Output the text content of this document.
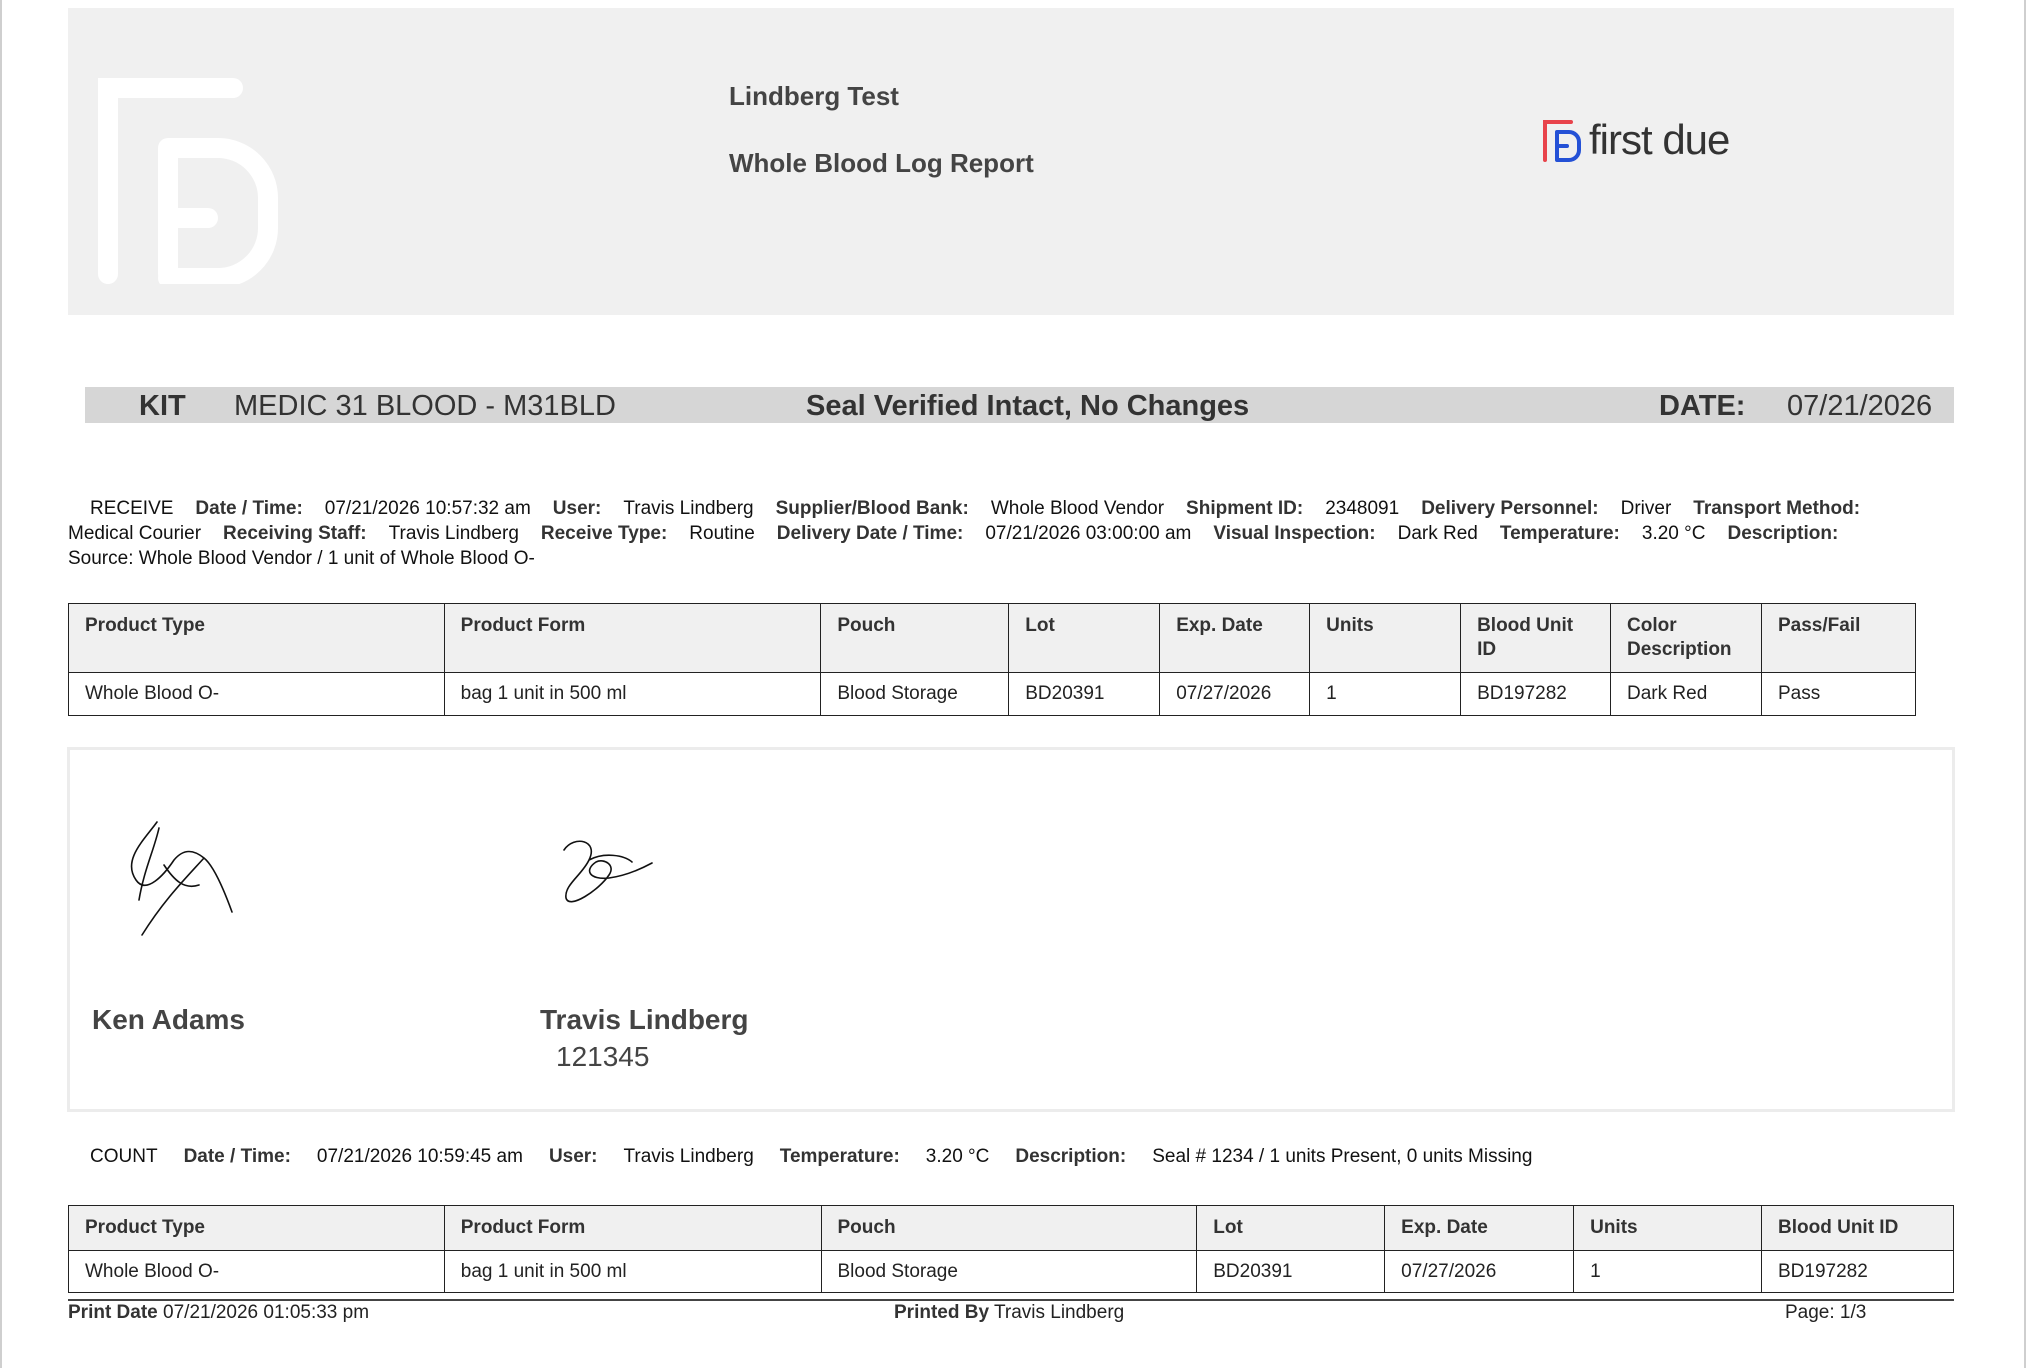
Lindberg Test
Whole Blood Log Report	first due
KIT MEDIC 31 BLOOD - M31BLD	Seal Verified Intact, No Changes	DATE: 07/21/2026
RECEIVE Date / Time: 07/21/2026 10:57:32 am User: Travis Lindberg Supplier/Blood Bank: Whole Blood Vendor Shipment ID: 2348091 Delivery Personnel: Driver Transport Method:
Medical Courier Receiving Staff: Travis Lindberg Receive Type: Routine Delivery Date / Time: 07/21/2026 03:00:00 am Visual Inspection: Dark Red Temperature: 3.20 °C Description:
Source: Whole Blood Vendor / 1 unit of Whole Blood O-
Product Type	Product Form	Pouch	Lot	Exp. Date	Units	Blood Unit ID	Color Description	Pass/Fail
Whole Blood O-	bag 1 unit in 500 ml	Blood Storage	BD20391	07/27/2026	1	BD197282	Dark Red	Pass
Ken Adams	Travis Lindberg
121345
COUNT Date / Time: 07/21/2026 10:59:45 am User: Travis Lindberg Temperature: 3.20 °C Description: Seal # 1234 / 1 units Present, 0 units Missing
Product Type	Product Form	Pouch	Lot	Exp. Date	Units	Blood Unit ID
Whole Blood O-	bag 1 unit in 500 ml	Blood Storage	BD20391	07/27/2026	1	BD197282
Print Date 07/21/2026 01:05:33 pm	Printed By Travis Lindberg	Page: 1/3
